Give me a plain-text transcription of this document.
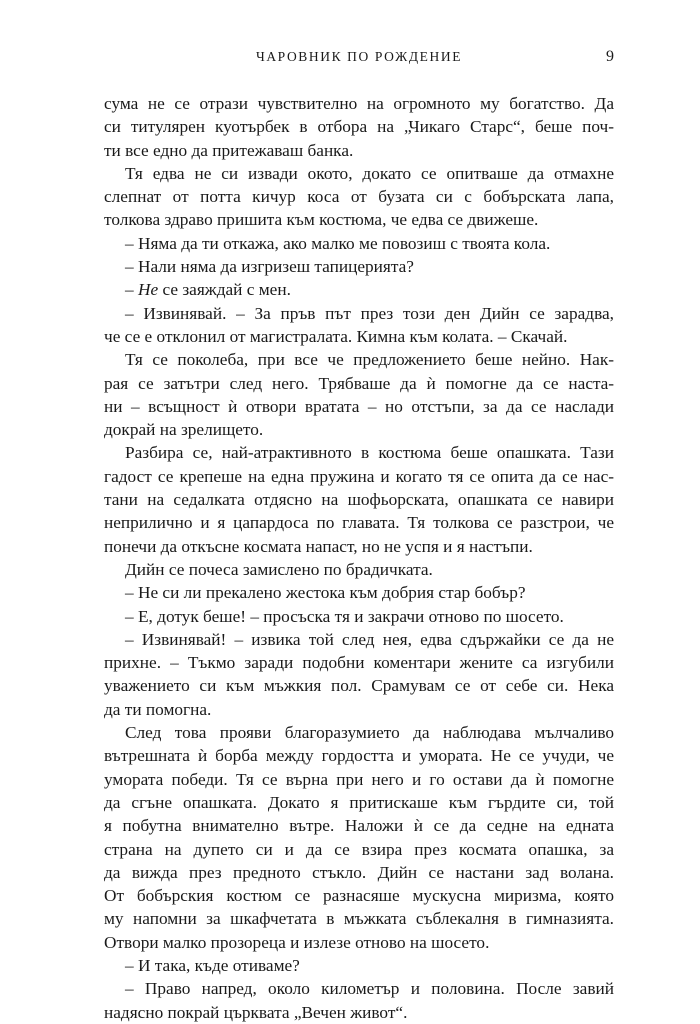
ЧАРОВНИК ПО РОЖДЕНИЕ	9
сума не се отрази чувствително на огромното му богатство. Да
си титулярен куотърбек в отбора на „Чикаго Старс“, беше поч-
ти все едно да притежаваш банка.
Тя едва не си извади окото, докато се опитваше да отмахне
слепнат от потта кичур коса от бузата си с бобърската лапа,
толкова здраво пришита към костюма, че едва се движеше.
– Няма да ти откажа, ако малко ме повозиш с твоята кола.
– Нали няма да изгризеш тапицерията?
– Не се заяждай с мен.
– Извинявай. – За пръв път през този ден Дийн се зарадва,
че се е отклонил от магистралата. Кимна към колата. – Скачай.
Тя се поколеба, при все че предложението беше нейно. Нак-
рая се затътри след него. Трябваше да ѝ помогне да се настa-
ни – всъщност ѝ отвори вратата – но отстъпи, за да се наслади
докрай на зрелището.
Разбира се, най-атрактивното в костюма беше опашката. Тази
гадост се крепеше на една пружина и когато тя се опита да се нас-
тани на седалката отдясно на шофьорската, опашката се навири
неприлично и я цапардоса по главата. Тя толкова се разстрои, че
понечи да откъсне космата напаст, но не успя и я настъпи.
Дийн се почеса замислено по брадичката.
– Не си ли прекалено жестока към добрия стар бобър?
– Е, дотук беше! – просъска тя и закрачи отново по шосето.
– Извинявай! – извика той след нея, едва сдържайки се да не
прихне. – Тъкмо заради подобни коментари жените са изгубили
уважението си към мъжкия пол. Срамувам се от себе си. Нека
да ти помогна.
След това прояви благоразумието да наблюдава мълчаливо
вътрешната ѝ борба между гордостта и умората. Не се учуди, че
умората победи. Тя се върна при него и го остави да ѝ помогне
да сгъне опашката. Докато я притискаше към гърдите си, той
я побутна внимателно вътре. Наложи ѝ се да седне на едната
страна на дупето си и да се взира през космата опашка, за
да вижда през предното стъкло. Дийн се настани зад волана.
От бобърския костюм се разнасяше мускусна миризма, която
му напомни за шкафчетата в мъжката съблекалня в гимназията.
Отвори малко прозореца и излезе отново на шосето.
– И така, къде отиваме?
– Право напред, около километър и половина. После завий
надясно покрай църквата „Вечен живот“.
